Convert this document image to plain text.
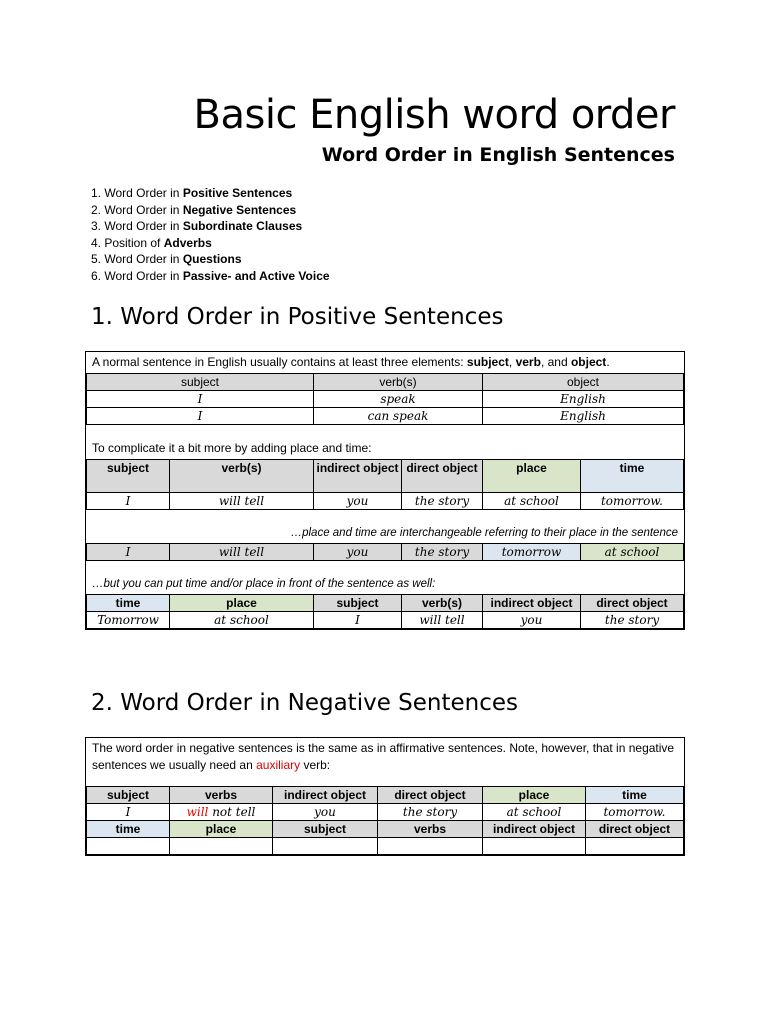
Basic English word order
Word Order in English Sentences
1. Word Order in Positive Sentences
2. Word Order in Negative Sentences
3. Word Order in Subordinate Clauses
4. Position of Adverbs
5. Word Order in Questions
6. Word Order in Passive- and Active Voice
1. Word Order in Positive Sentences
A normal sentence in English usually contains at least three elements: subject, verb, and object.
subject	verb(s)	object
I	speak	English
I	can speak	English
To complicate it a bit more by adding place and time:
subject	verb(s)	indirect object	direct object	place	time
I	will tell	you	the story	at school	tomorrow.
…place and time are interchangeable referring to their place in the sentence
I	will tell	you	the story	tomorrow	at school
…but you can put time and/or place in front of the sentence as well:
time	place	subject	verb(s)	indirect object	direct object
Tomorrow	at school	I	will tell	you	the story
2. Word Order in Negative Sentences
The word order in negative sentences is the same as in affirmative sentences. Note, however, that in negative sentences we usually need an auxiliary verb:
subject	verbs	indirect object	direct object	place	time
I	will not tell	you	the story	at school	tomorrow.
time	place	subject	verbs	indirect object	direct object
